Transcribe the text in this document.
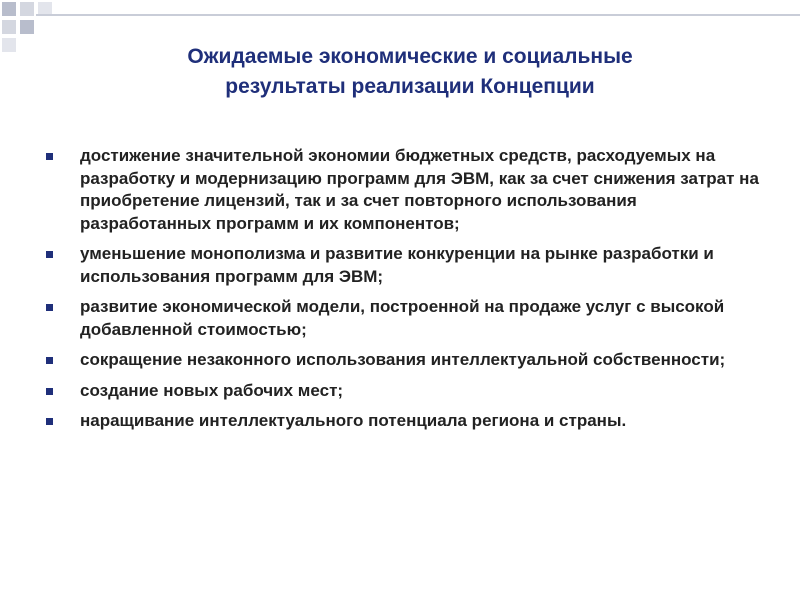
Ожидаемые экономические и социальные
результаты реализации Концепции
достижение значительной экономии бюджетных средств, расходуемых на разработку и модернизацию программ для ЭВМ, как за счет снижения затрат на приобретение лицензий, так и за счет повторного использования разработанных программ и их компонентов;
уменьшение монополизма и развитие конкуренции на рынке разработки и использования программ для ЭВМ;
развитие экономической модели, построенной на продаже услуг с высокой добавленной стоимостью;
сокращение незаконного использования интеллектуальной собственности;
создание новых рабочих мест;
наращивание интеллектуального потенциала региона и страны.
